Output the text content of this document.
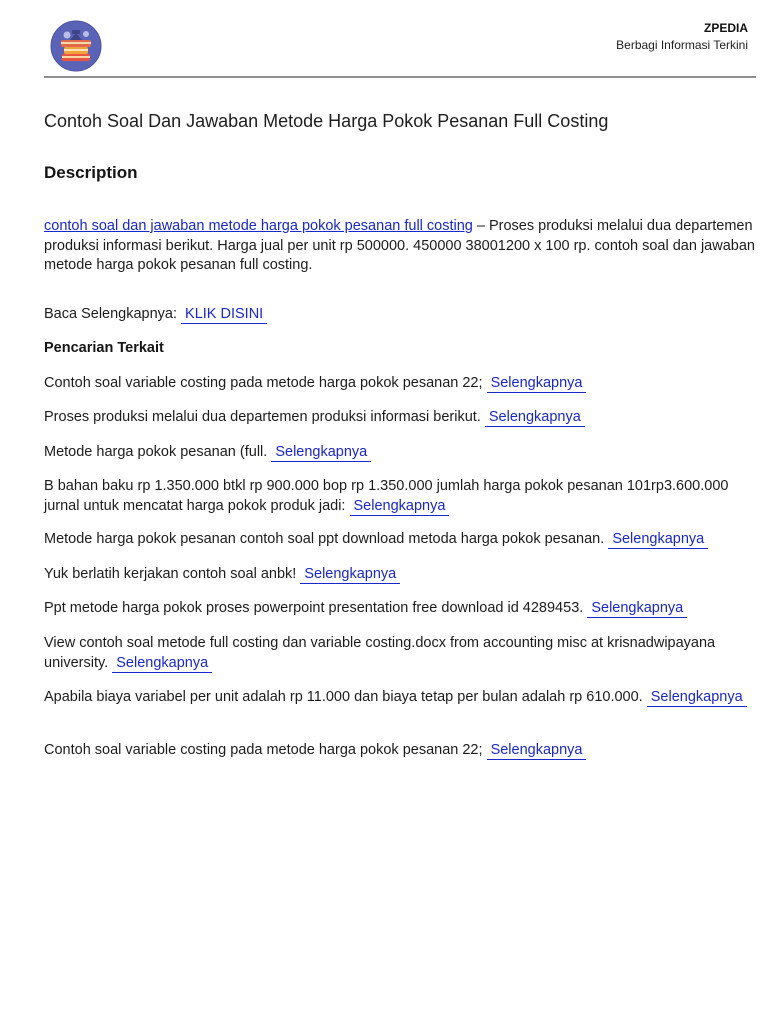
ZPEDIA
Berbagi Informasi Terkini
Contoh Soal Dan Jawaban Metode Harga Pokok Pesanan Full Costing
Description
contoh soal dan jawaban metode harga pokok pesanan full costing – Proses produksi melalui dua departemen produksi informasi berikut. Harga jual per unit rp 500000. 450000 38001200 x 100 rp. contoh soal dan jawaban metode harga pokok pesanan full costing.
Baca Selengkapnya: KLIK DISINI
Pencarian Terkait
Contoh soal variable costing pada metode harga pokok pesanan 22; Selengkapnya
Proses produksi melalui dua departemen produksi informasi berikut. Selengkapnya
Metode harga pokok pesanan (full. Selengkapnya
B bahan baku rp 1.350.000 btkl rp 900.000 bop rp 1.350.000 jumlah harga pokok pesanan 101rp3.600.000 jurnal untuk mencatat harga pokok produk jadi: Selengkapnya
Metode harga pokok pesanan contoh soal ppt download metoda harga pokok pesanan. Selengkapnya
Yuk berlatih kerjakan contoh soal anbk! Selengkapnya
Ppt metode harga pokok proses powerpoint presentation free download id 4289453. Selengkapnya
View contoh soal metode full costing dan variable costing.docx from accounting misc at krisnadwipayana university. Selengkapnya
Apabila biaya variabel per unit adalah rp 11.000 dan biaya tetap per bulan adalah rp 610.000. Selengkapnya
Contoh soal variable costing pada metode harga pokok pesanan 22; Selengkapnya
